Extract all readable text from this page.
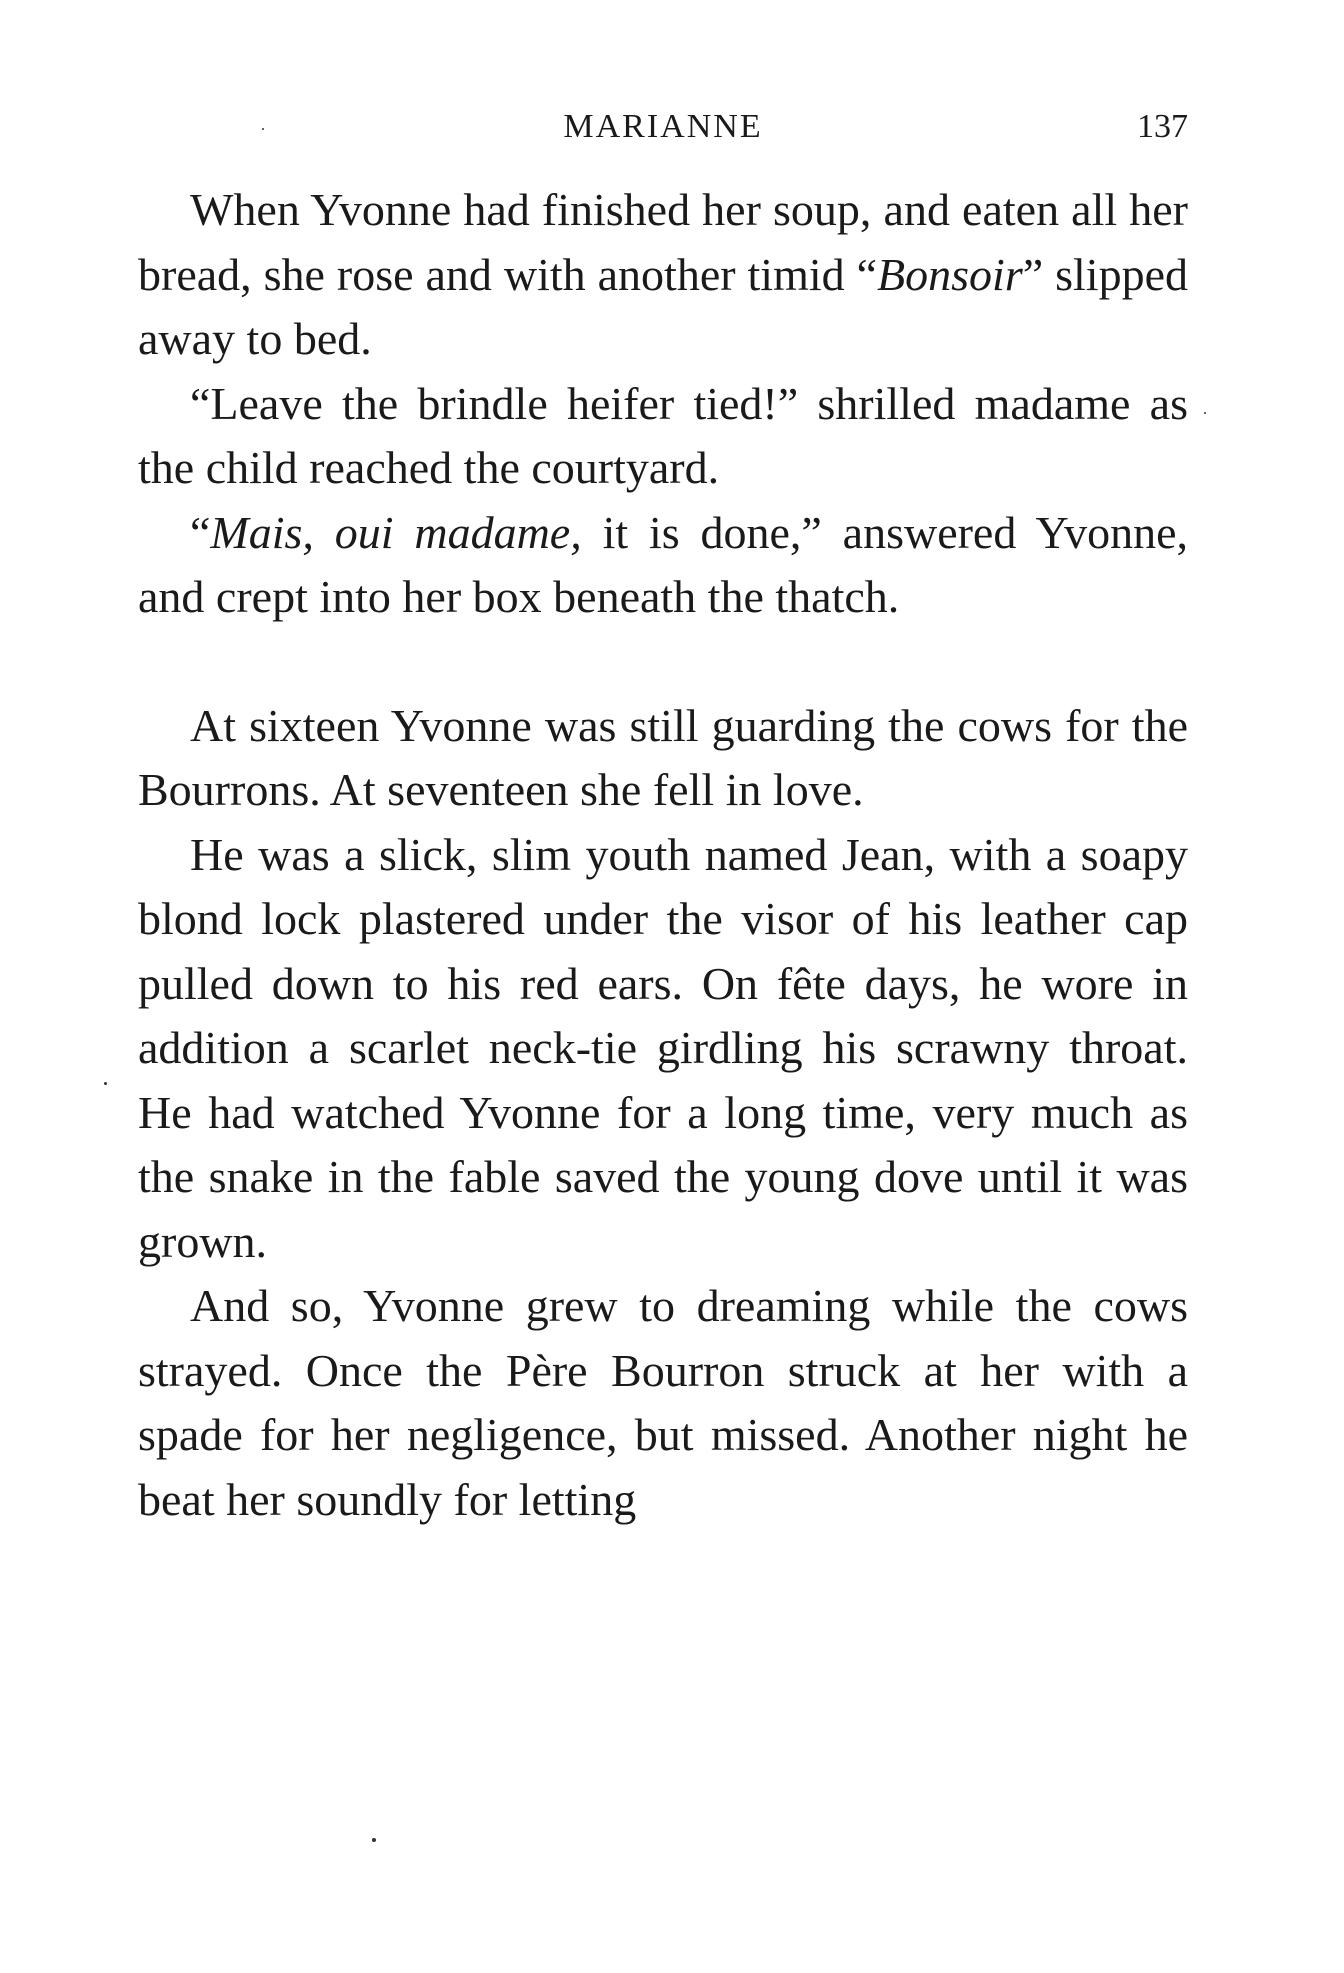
MARIANNE	137

When Yvonne had finished her soup, and eaten all her bread, she rose and with another timid “Bonsoir” slipped away to bed.

“Leave the brindle heifer tied!” shrilled madame as the child reached the courtyard.

“Mais, oui madame, it is done,” answered Yvonne, and crept into her box beneath the thatch.

At sixteen Yvonne was still guarding the cows for the Bourrons. At seventeen she fell in love.

He was a slick, slim youth named Jean, with a soapy blond lock plastered under the visor of his leather cap pulled down to his red ears. On fête days, he wore in addition a scarlet neck-tie girdling his scrawny throat. He had watched Yvonne for a long time, very much as the snake in the fable saved the young dove until it was grown.

And so, Yvonne grew to dreaming while the cows strayed. Once the Père Bourron struck at her with a spade for her negligence, but missed. Another night he beat her soundly for letting
